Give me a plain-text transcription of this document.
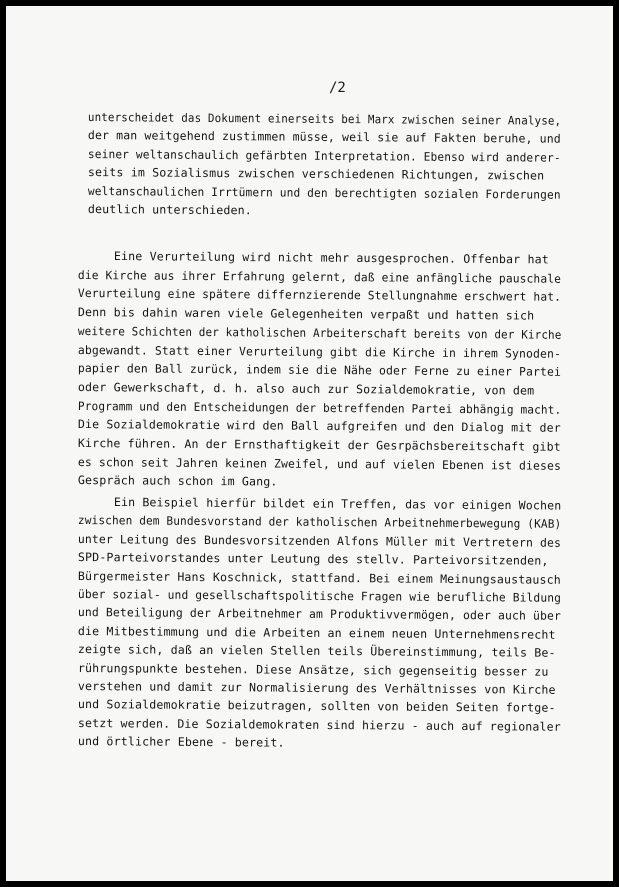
/2
unterscheidet das Dokument einerseits bei Marx zwischen seiner Analyse,
der man weitgehend zustimmen müsse, weil sie auf Fakten beruhe, und
seiner weltanschaulich gefärbten Interpretation. Ebenso wird anderer-
seits im Sozialismus zwischen verschiedenen Richtungen, zwischen
weltanschaulichen Irrtümern und den berechtigten sozialen Forderungen
deutlich unterschieden.
Eine Verurteilung wird nicht mehr ausgesprochen. Offenbar hat
die Kirche aus ihrer Erfahrung gelernt, daß eine anfängliche pauschale
Verurteilung eine spätere differnzierende Stellungnahme erschwert hat.
Denn bis dahin waren viele Gelegenheiten verpaßt und hatten sich
weitere Schichten der katholischen Arbeiterschaft bereits von der Kirche
abgewandt. Statt einer Verurteilung gibt die Kirche in ihrem Synoden-
papier den Ball zurück, indem sie die Nähe oder Ferne zu einer Partei
oder Gewerkschaft, d. h. also auch zur Sozialdemokratie, von dem
Programm und den Entscheidungen der betreffenden Partei abhängig macht.
Die Sozialdemokratie wird den Ball aufgreifen und den Dialog mit der
Kirche führen. An der Ernsthaftigkeit der Gesrpächsbereitschaft gibt
es schon seit Jahren keinen Zweifel, und auf vielen Ebenen ist dieses
Gespräch auch schon im Gang.
Ein Beispiel hierfür bildet ein Treffen, das vor einigen Wochen
zwischen dem Bundesvorstand der katholischen Arbeitnehmerbewegung (KAB)
unter Leitung des Bundesvorsitzenden Alfons Müller mit Vertretern des
SPD-Parteivorstandes unter Leutung des stellv. Parteivorsitzenden,
Bürgermeister Hans Koschnick, stattfand. Bei einem Meinungsaustausch
über sozial- und gesellschaftspolitische Fragen wie berufliche Bildung
und Beteiligung der Arbeitnehmer am Produktivvermögen, oder auch über
die Mitbestimmung und die Arbeiten an einem neuen Unternehmensrecht
zeigte sich, daß an vielen Stellen teils Übereinstimmung, teils Be-
rührungspunkte bestehen. Diese Ansätze, sich gegenseitig besser zu
verstehen und damit zur Normalisierung des Verhältnisses von Kirche
und Sozialdemokratie beizutragen, sollten von beiden Seiten fortge-
setzt werden. Die Sozialdemokraten sind hierzu - auch auf regionaler
und örtlicher Ebene - bereit.
